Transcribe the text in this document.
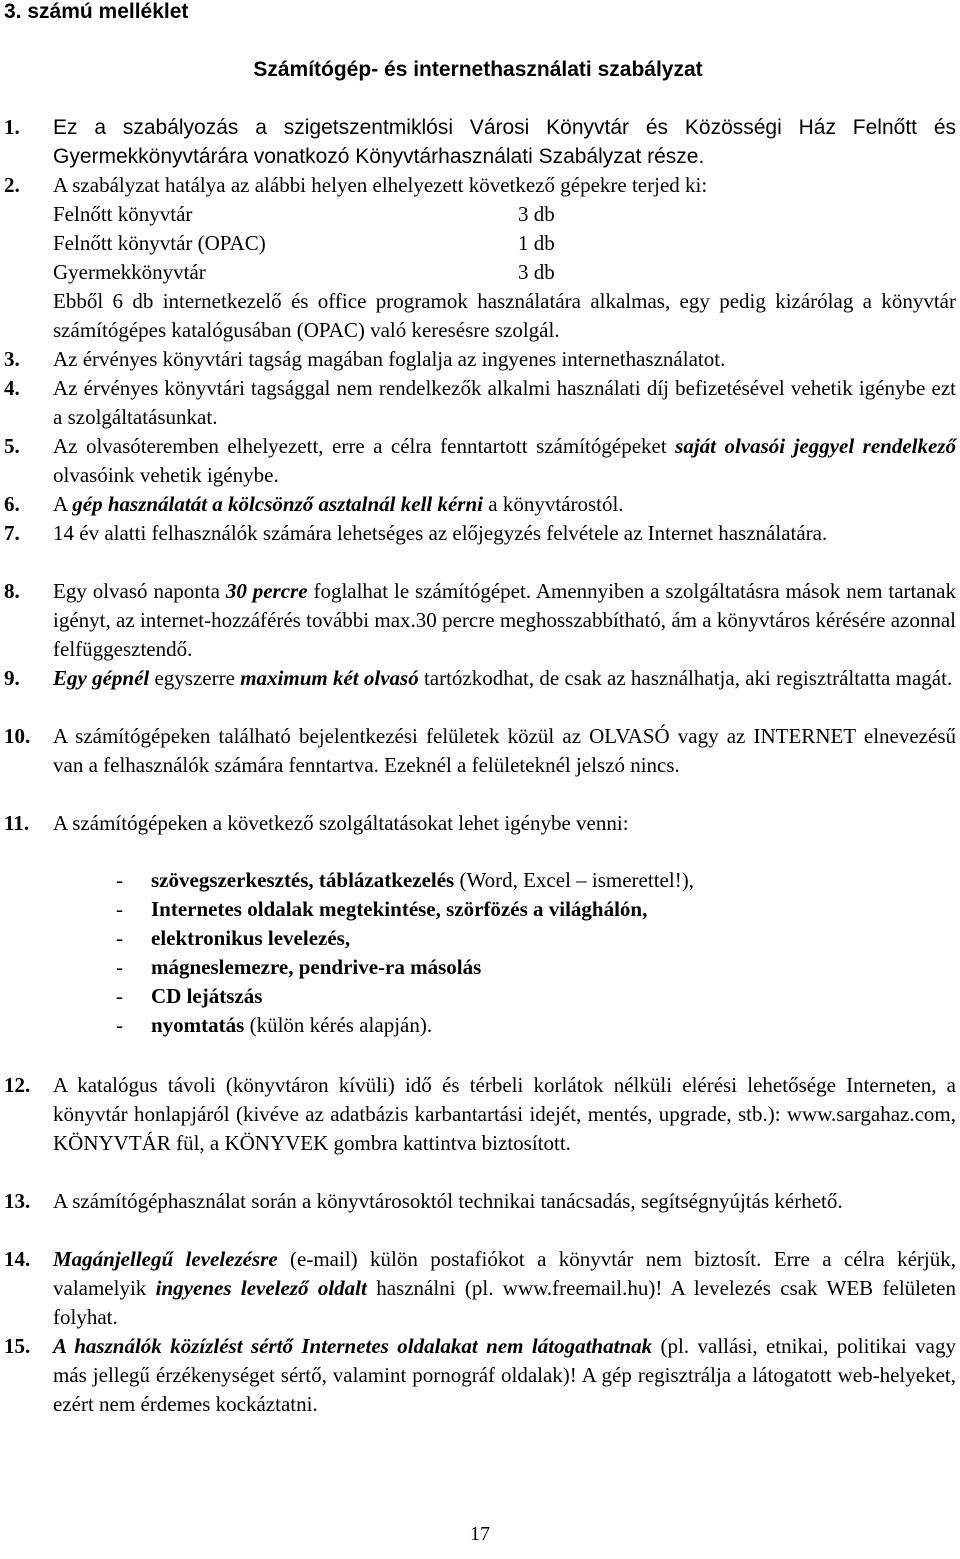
3. számú melléklet
Számítógép- és internethasználati szabályzat
1. Ez a szabályozás a szigetszentmiklósi Városi Könyvtár és Közösségi Ház Felnőtt és Gyermekkönyvtárára vonatkozó Könyvtárhasználati Szabályzat része.
2. A szabályzat hatálya az alábbi helyen elhelyezett következő gépekre terjed ki:
Felnőtt könyvtár	3 db
Felnőtt könyvtár (OPAC)	1 db
Gyermekkönyvtár	3 db
Ebből 6 db internetkezelő és office programok használatára alkalmas, egy pedig kizárólag a könyvtár számítógépes katalógusában (OPAC) való keresésre szolgál.
3. Az érvényes könyvtári tagság magában foglalja az ingyenes internethasználatot.
4. Az érvényes könyvtári tagsággal nem rendelkezők alkalmi használati díj befizetésével vehetik igénybe ezt a szolgáltatásunkat.
5. Az olvasóteremben elhelyezett, erre a célra fenntartott számítógépeket saját olvasói jeggyel rendelkező olvasóink vehetik igénybe.
6. A gép használatát a kölcsönző asztalnál kell kérni a könyvtárostól.
7. 14 év alatti felhasználók számára lehetséges az előjegyzés felvétele az Internet használatára.
8. Egy olvasó naponta 30 percre foglalhat le számítógépet. Amennyiben a szolgáltatásra mások nem tartanak igényt, az internet-hozzáférés további max.30 percre meghosszabbítható, ám a könyvtáros kérésére azonnal felfüggesztendő.
9. Egy gépnél egyszerre maximum két olvasó tartózkodhat, de csak az használhatja, aki regisztráltatta magát.
10. A számítógépeken található bejelentkezési felületek közül az OLVASÓ vagy az INTERNET elnevezésű van a felhasználók számára fenntartva. Ezeknél a felületeknél jelszó nincs.
11. A számítógépeken a következő szolgáltatásokat lehet igénybe venni:
- szövegszerkesztés, táblázatkezelés (Word, Excel – ismerettel!),
- Internetes oldalak megtekintése, szörfözés a világhálón,
- elektronikus levelezés,
- mágneslemezre, pendrive-ra másolás
- CD lejátszás
- nyomtatás (külön kérés alapján).
12. A katalógus távoli (könyvtáron kívüli) idő és térbeli korlátok nélküli elérési lehetősége Interneten, a könyvtár honlapjáról (kivéve az adatbázis karbantartási idejét, mentés, upgrade, stb.): www.sargahaz.com, KÖNYVTÁR fül, a KÖNYVEK gombra kattintva biztosított.
13. A számítógéphasználat során a könyvtárosoktól technikai tanácsadás, segítségnyújtás kérhető.
14. Magánjellegű levelezésre (e-mail) külön postafiókot a könyvtár nem biztosít. Erre a célra kérjük, valamelyik ingyenes levelező oldalt használni (pl. www.freemail.hu)! A levelezés csak WEB felületen folyhat.
15. A használók közízlést sértő Internetes oldalakat nem látogathatnak (pl. vallási, etnikai, politikai vagy más jellegű érzékenységet sértő, valamint pornográf oldalak)! A gép regisztrálja a látogatott web-helyeket, ezért nem érdemes kockáztatni.
17
